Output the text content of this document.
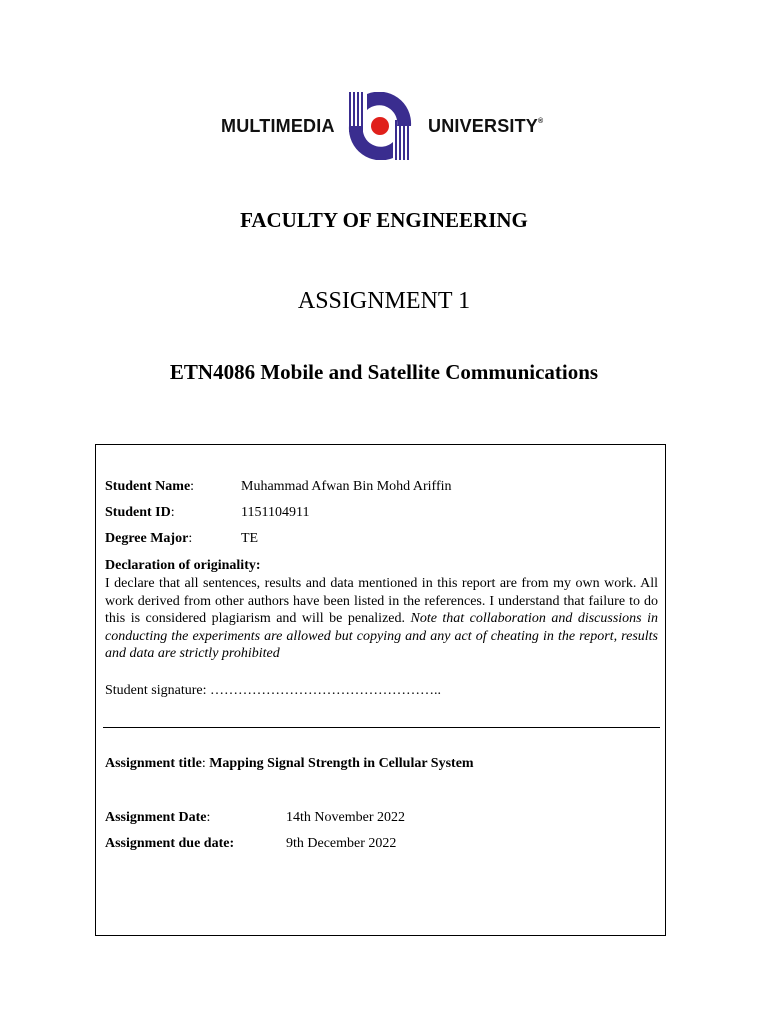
MULTIMEDIA	UNIVERSITY®
FACULTY OF ENGINEERING
ASSIGNMENT 1
ETN4086 Mobile and Satellite Communications
Student Name:	Muhammad Afwan Bin Mohd Ariffin
Student ID:	1151104911
Degree Major:	TE
Declaration of originality:
I declare that all sentences, results and data mentioned in this report are from my own work. All work derived from other authors have been listed in the references. I understand that failure to do this is considered plagiarism and will be penalized. Note that collaboration and discussions in conducting the experiments are allowed but copying and any act of cheating in the report, results and data are strictly prohibited
Student signature: …………………………………………..
Assignment title: Mapping Signal Strength in Cellular System
Assignment Date:	14th November 2022
Assignment due date:	9th December 2022
